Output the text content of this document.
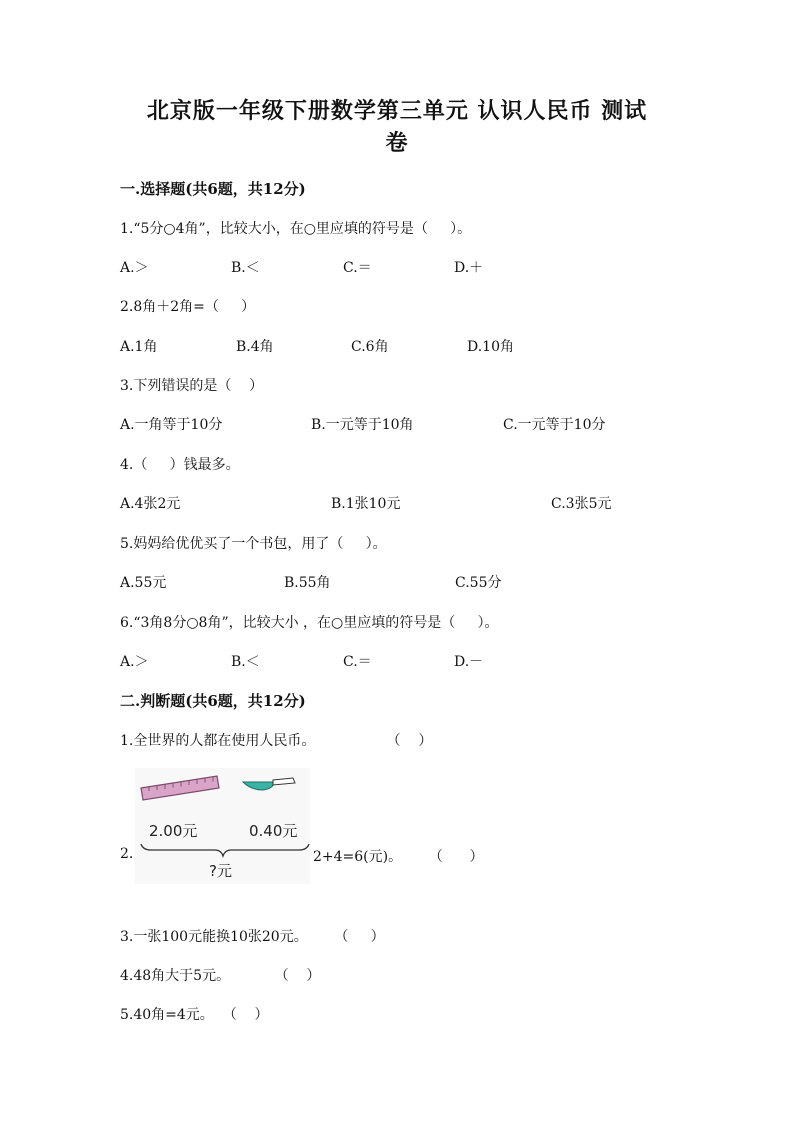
北京版一年级下册数学第三单元 认识人民币 测试
卷
一.选择题(共6题，共12分)
1.“5分○4角”，比较大小，在○里应填的符号是（     ）。
A.＞	B.＜	C.＝	D.＋
2.8角＋2角=（     ）
A.1角	B.4角	C.6角	D.10角
3.下列错误的是（    ）
A.一角等于10分	B.一元等于10角	C.一元等于10分
4.（     ）钱最多。
A.4张2元	B.1张10元	C.3张5元
5.妈妈给优优买了一个书包，用了（     ）。
A.55元	B.55角	C.55分
6.“3角8分○8角”，比较大小 ，在○里应填的符号是（     ）。
A.＞	B.＜	C.＝	D.－
二.判断题(共6题，共12分)
1.全世界的人都在使用人民币。                （    ）
2.
2.00元	0.40元
?元
2+4=6(元)。      （      ）
3.一张100元能换10张20元。      （     ）
4.48角大于5元。          （    ）
5.40角=4元。  （    ）
